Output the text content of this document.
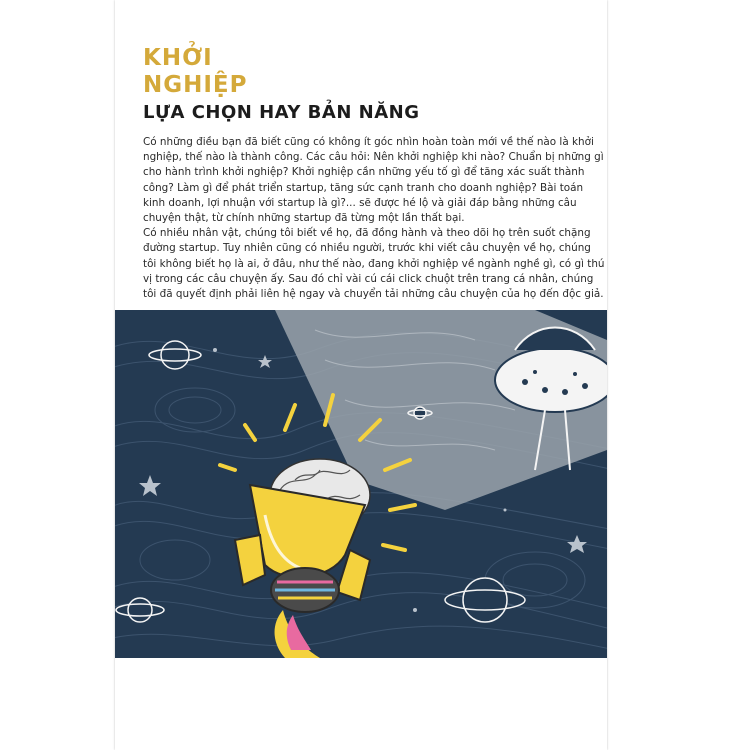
KHỞI
NGHIỆP
LỰA CHỌN HAY BẢN NĂNG

Có những điều bạn đã biết cũng có không ít góc nhìn hoàn toàn mới về thế nào là khởi nghiệp, thế nào là thành công. Các câu hỏi: Nên khởi nghiệp khi nào? Chuẩn bị những gì cho hành trình khởi nghiệp? Khởi nghiệp cần những yếu tố gì để tăng xác suất thành công? Làm gì để phát triển startup, tăng sức cạnh tranh cho doanh nghiệp? Bài toán kinh doanh, lợi nhuận với startup là gì?... sẽ được hé lộ và giải đáp bằng những câu chuyện thật, từ chính những startup đã từng một lần thất bại.

Có nhiều nhân vật, chúng tôi biết về họ, đã đồng hành và theo dõi họ trên suốt chặng đường startup. Tuy nhiên cũng có nhiều người, trước khi viết câu chuyện về họ, chúng tôi không biết họ là ai, ở đâu, như thế nào, đang khởi nghiệp về ngành nghề gì, có gì thú vị trong các câu chuyện ấy. Sau đó chỉ vài cú cái click chuột trên trang cá nhân, chúng tôi đã quyết định phải liên hệ ngay và chuyển tải những câu chuyện của họ đến độc giả.
